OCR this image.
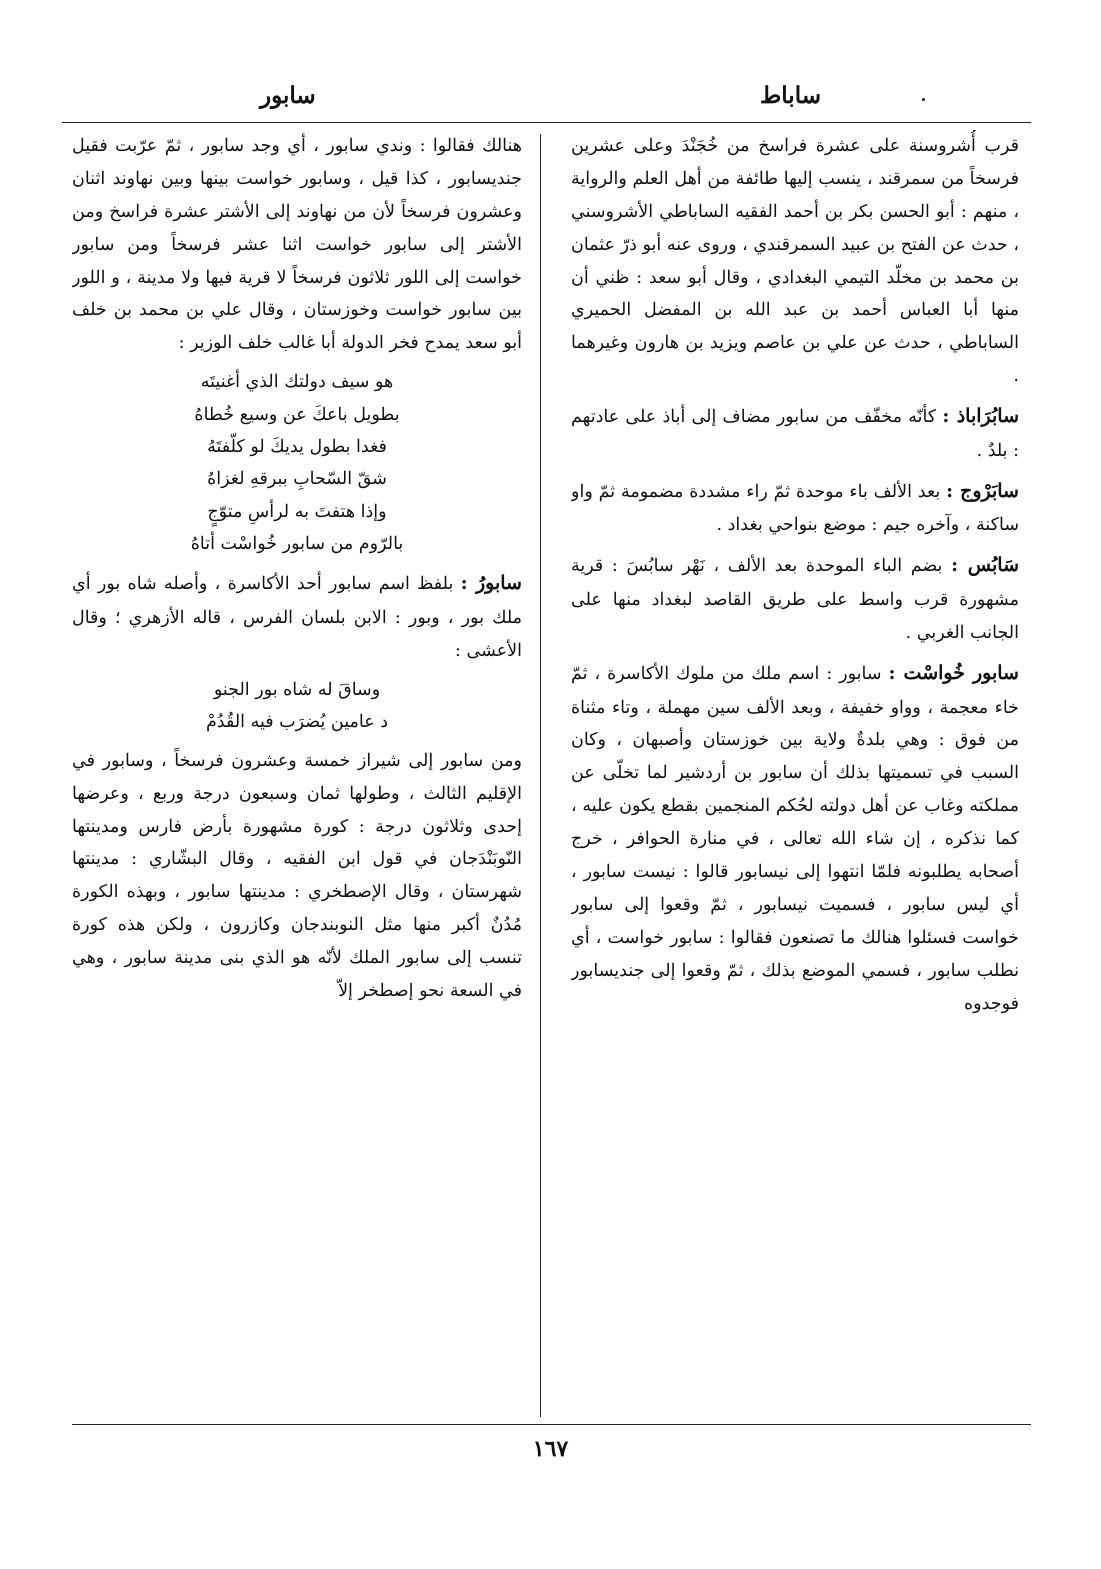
ساباط
سابور

قرب أُشروسنة على عشرة فراسخ من خُجَنْدَ وعلى عشرين فرسخاً من سمرقند ، ينسب إليها طائفة من أهل العلم والرواية ، منهم : أبو الحسن بكر بن أحمد الفقيه الساباطي الأشروسني ، حدث عن الفتح بن عبيد السمرقندي ، وروى عنه أبو ذرّ عثمان بن محمد بن مخلّد التيمي البغدادي ، وقال أبو سعد : ظني أن منها أبا العباس أحمد بن عبد الله بن المفضل الحميري الساباطي ، حدث عن علي بن عاصم ويزيد بن هارون وغيرهما .

سابُرَاباذ : كأنّه مخفّف من سابور مضاف إلى أباذ على عادتهم : بلدٌ .

سابَرْوج : بعد الألف باء موحدة ثمّ راء مشددة مضمومة ثمّ واو ساكنة ، وآخره جيم : موضع بنواحي بغداد .

سَابُس : بضم الباء الموحدة بعد الألف ، نَهْر سابُسَ : قرية مشهورة قرب واسط على طريق القاصد لبغداد منها على الجانب الغربي .

سابور خُواسْت : سابور : اسم ملك من ملوك الأكاسرة ، ثمّ خاء معجمة ، وواو خفيفة ، وبعد الألف سين مهملة ، وتاء مثناة من فوق : وهي بلدةٌ ولاية بين خوزستان وأصبهان ، وكان السبب في تسميتها بذلك أن سابور بن أردشير لما تخلّى عن مملكته وغاب عن أهل دولته لحُكم المنجمين بقطع يكون عليه ، كما نذكره ، إن شاء الله تعالى ، في منارة الحوافر ، خرج أصحابه يطلبونه فلمّا انتهوا إلى نيسابور قالوا : نيست سابور ، أي ليس سابور ، فسميت نيسابور ، ثمّ وقعوا إلى سابور خواست فسئلوا هنالك ما تصنعون فقالوا : سابور خواست ، أي نطلب سابور ، فسمي الموضع بذلك ، ثمّ وقعوا إلى جنديسابور فوجدوه

هنالك فقالوا : وندي سابور ، أي وجد سابور ، ثمّ عرّبت فقيل جنديسابور ، كذا قيل ، وسابور خواست بينها وبين نهاوند اثنان وعشرون فرسخاً لأن من نهاوند إلى الأشتر عشرة فراسخ ومن الأشتر إلى سابور خواست اثنا عشر فرسخاً ومن سابور خواست إلى اللور ثلاثون فرسخاً لا قرية فيها ولا مدينة ، و اللور بين سابور خواست وخوزستان ، وقال علي بن محمد بن خلف أبو سعد يمدح فخر الدولة أبا غالب خلف الوزير :

هو سيف دولتك الذي أغنيتَه
بطويل باعكَ عن وسيع خُطاهُ
فغدا بطول يديكَ لو كلّفتَهُ
شقّ السّحابِ ببرقهِ لغزاهُ
وإذا هتفتَ به لرأسِ متوّجٍ
بالرّوم من سابور خُواسْت أتاهُ

سابورُ : بلفظ اسم سابور أحد الأكاسرة ، وأصله شاه بور أي ملك بور ، وبور : الابن بلسان الفرس ، قاله الأزهري ؛ وقال الأعشى :

وساقَ له شاه بور الجنو
د عامين يُضرَب فيه القُدُمْ

ومن سابور إلى شيراز خمسة وعشرون فرسخاً ، وسابور في الإقليم الثالث ، وطولها ثمان وسبعون درجة وربع ، وعرضها إحدى وثلاثون درجة : كورة مشهورة بأرض فارس ومدينتها النّوبَنْدَجان في قول ابن الفقيه ، وقال البشّاري : مدينتها شهرستان ، وقال الإصطخري : مدينتها سابور ، وبهذه الكورة مُدُنٌ أكبر منها مثل النوبندجان وكازرون ، ولكن هذه كورة تنسب إلى سابور الملك لأنّه هو الذي بنى مدينة سابور ، وهي في السعة نحو إصطخر إلاّ

١٦٧
